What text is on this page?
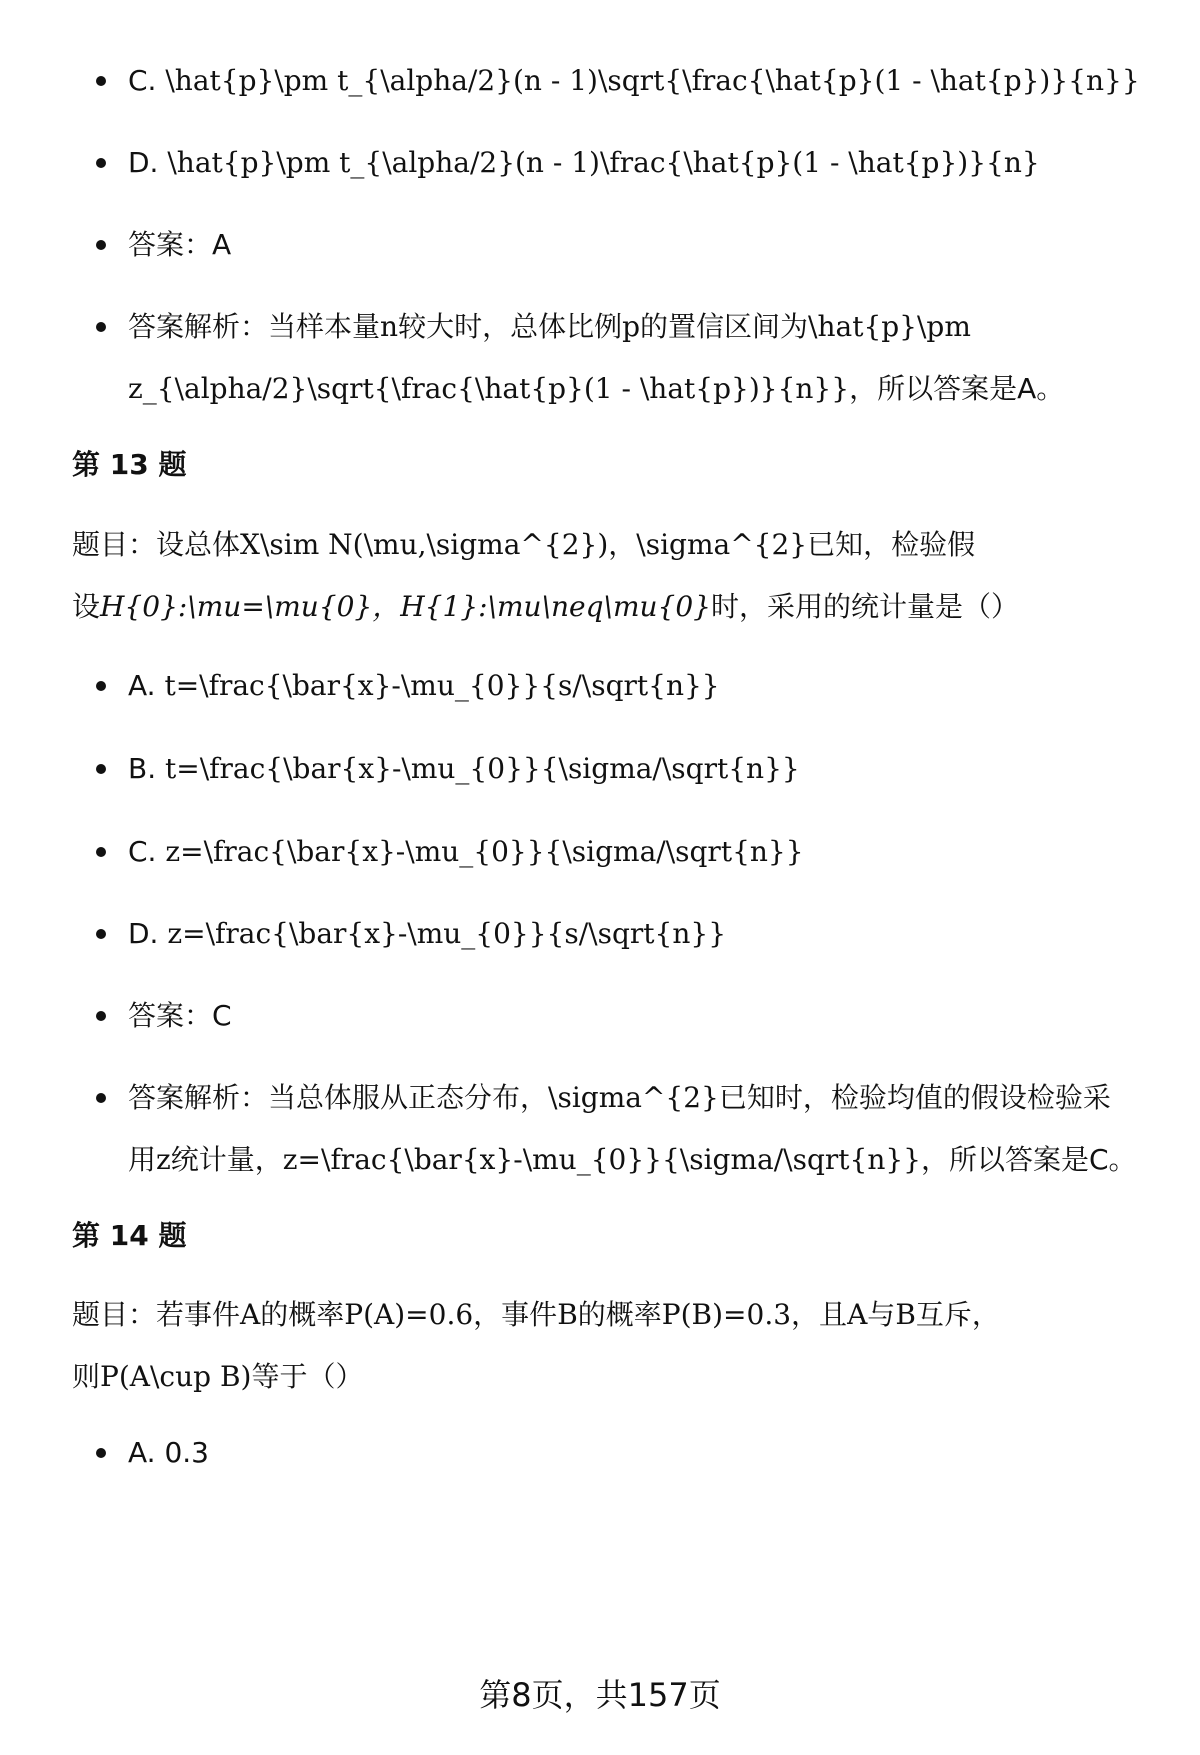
C. \hat{p}\pm t_{\alpha/2}(n - 1)\sqrt{\frac{\hat{p}(1 - \hat{p})}{n}}
D. \hat{p}\pm t_{\alpha/2}(n - 1)\frac{\hat{p}(1 - \hat{p})}{n}
答案：A
答案解析：当样本量n较大时，总体比例p的置信区间为\hat{p}\pm
z_{\alpha/2}\sqrt{\frac{\hat{p}(1 - \hat{p})}{n}}，所以答案是A。
第 13 题
题目：设总体X\sim N(\mu,\sigma^{2})，\sigma^{2}已知，检验假
设H{0}:\mu=\mu{0}，H{1}:\mu\neq\mu{0}时，采用的统计量是（）
A. t=\frac{\bar{x}-\mu_{0}}{s/\sqrt{n}}
B. t=\frac{\bar{x}-\mu_{0}}{\sigma/\sqrt{n}}
C. z=\frac{\bar{x}-\mu_{0}}{\sigma/\sqrt{n}}
D. z=\frac{\bar{x}-\mu_{0}}{s/\sqrt{n}}
答案：C
答案解析：当总体服从正态分布，\sigma^{2}已知时，检验均值的假设检验采
用z统计量，z=\frac{\bar{x}-\mu_{0}}{\sigma/\sqrt{n}}，所以答案是C。
第 14 题
题目：若事件A的概率P(A)=0.6，事件B的概率P(B)=0.3，且A与B互斥，
则P(A\cup B)等于（）
A. 0.3
第8页，共157页
